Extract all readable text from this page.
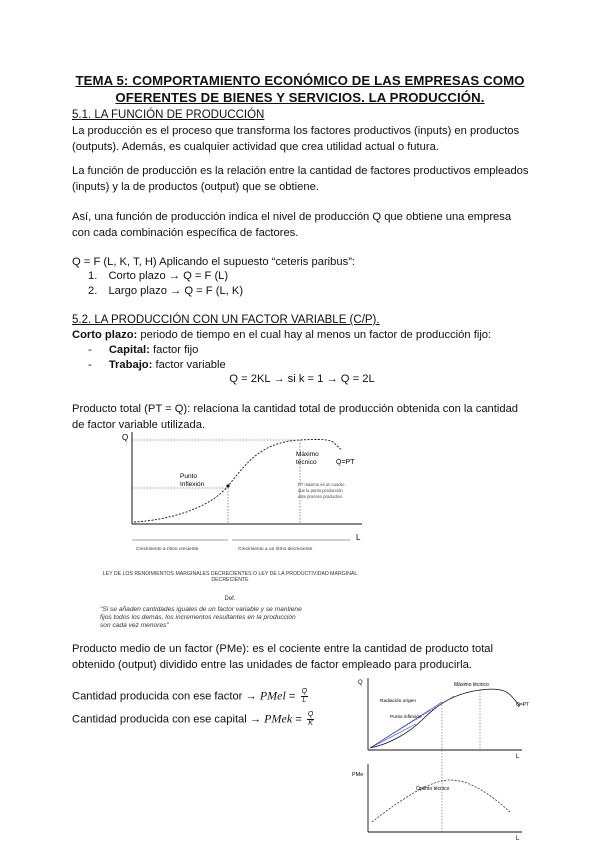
TEMA 5: COMPORTAMIENTO ECONÓMICO DE LAS EMPRESAS COMO
OFERENTES DE BIENES Y SERVICIOS. LA PRODUCCIÓN.
5.1. LA FUNCIÓN DE PRODUCCIÓN
La producción es el proceso que transforma los factores productivos (inputs) en productos
(outputs). Además, es cualquier actividad que crea utilidad actual o futura.
La función de producción es la relación entre la cantidad de factores productivos empleados
(inputs) y la de productos (output) que se obtiene.
Así, una función de producción indica el nivel de producción Q que obtiene una empresa
con cada combinación específica de factores.
Q = F (L, K, T, H) Aplicando el supuesto “ceteris paribus”:
1. Corto plazo → Q = F (L)
2. Largo plazo → Q = F (L, K)
5.2. LA PRODUCCIÓN CON UN FACTOR VARIABLE (C/P).
Corto plazo: periodo de tiempo en el cual hay al menos un factor de producción fijo:
- Capital: factor fijo
- Trabajo: factor variable
Q = 2KL → si k = 1 → Q = 2L
Producto total (PT = Q): relaciona la cantidad total de producción obtenida con la cantidad
de factor variable utilizada.
Q
L
Punto
Inflexión
Máximo
técnico	Q=PT
PT máximo es un cuadro
que la punto producción
este proceso productivo
Crecimiento a ritmo creciente	Crecimiento a un ritmo decreciente
LEY DE LOS RENDIMIENTOS MARGINALES DECRECIENTES O LEY DE LA PRODUCTIVIDAD MARGINAL
DECRECIENTE
Def.
"Si se añaden cantidades iguales de un factor variable y se mantiene
fijos todos los demás, los incrementos resultantes en la producción
son cada vez menores"
Producto medio de un factor (PMe): es el cociente entre la cantidad de producto total
obtenido (output) dividido entre las unidades de factor empleado para producirla.
Cantidad producida con ese factor → PMel = $\frac{Q}{L}$
Cantidad producida con ese capital → PMek = $\frac{Q}{K}$
Q
L
Máximo técnico
Q=PT
Radiación origen
Punto inflexión
PMe
L
Óptimo técnico
